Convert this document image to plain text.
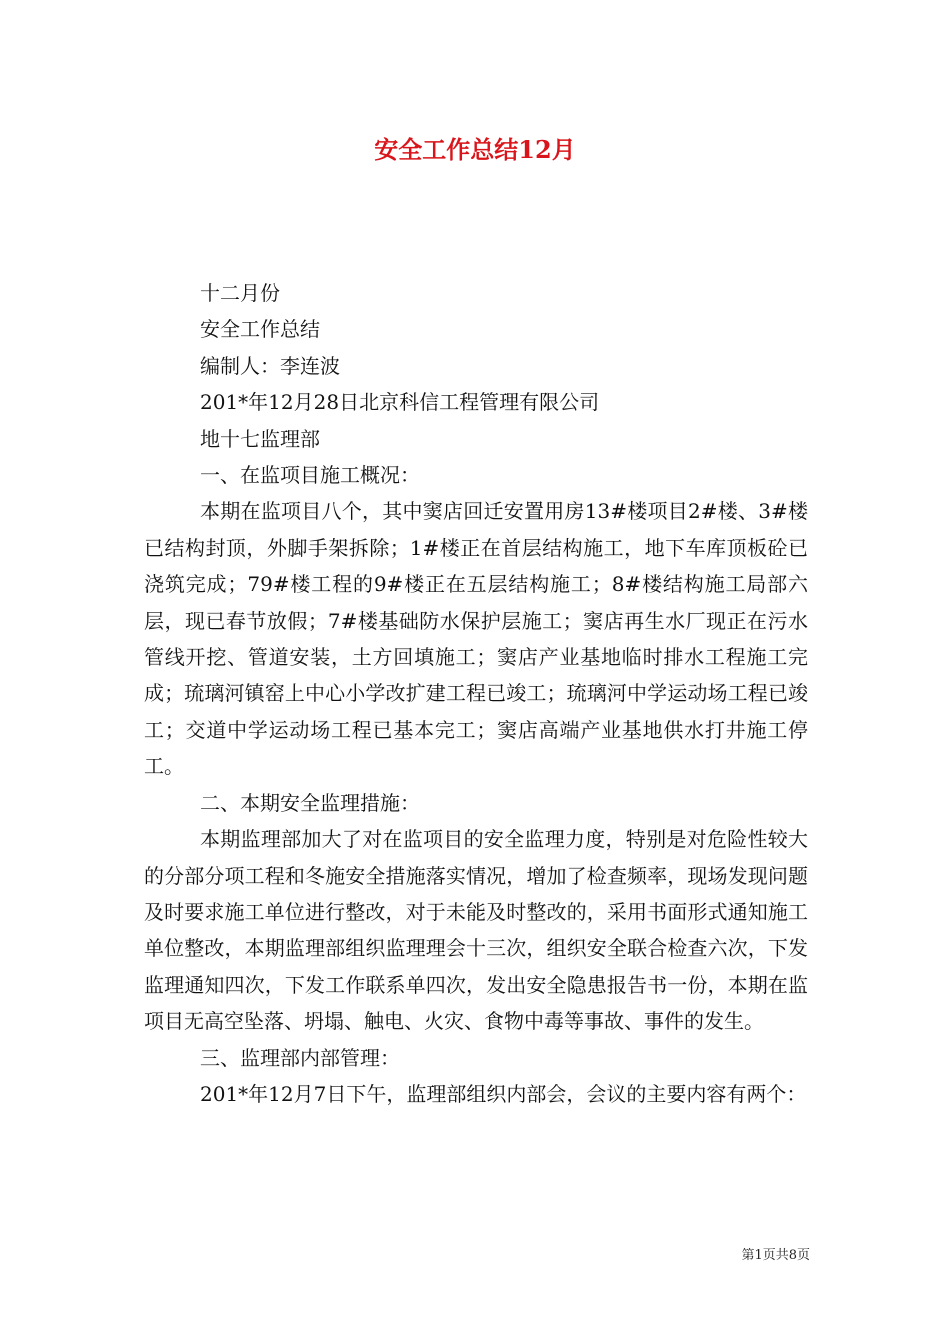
安全工作总结12月

十二月份

安全工作总结

编制人：李连波

201*年12月28日北京科信工程管理有限公司

地十七监理部

一、在监项目施工概况：

本期在监项目八个，其中窦店回迁安置用房13#楼项目2#楼、3#楼已结构封顶，外脚手架拆除；1#楼正在首层结构施工，地下车库顶板砼已浇筑完成；79#楼工程的9#楼正在五层结构施工；8#楼结构施工局部六层，现已春节放假；7#楼基础防水保护层施工；窦店再生水厂现正在污水管线开挖、管道安装，土方回填施工；窦店产业基地临时排水工程施工完成；琉璃河镇窑上中心小学改扩建工程已竣工；琉璃河中学运动场工程已竣工；交道中学运动场工程已基本完工；窦店高端产业基地供水打井施工停工。

二、本期安全监理措施：

本期监理部加大了对在监项目的安全监理力度，特别是对危险性较大的分部分项工程和冬施安全措施落实情况，增加了检查频率，现场发现问题及时要求施工单位进行整改，对于未能及时整改的，采用书面形式通知施工单位整改，本期监理部组织监理理会十三次，组织安全联合检查六次，下发监理通知四次，下发工作联系单四次，发出安全隐患报告书一份，本期在监项目无高空坠落、坍塌、触电、火灾、食物中毒等事故、事件的发生。

三、监理部内部管理：

201*年12月7日下午，监理部组织内部会，会议的主要内容有两个：

第1页共8页
